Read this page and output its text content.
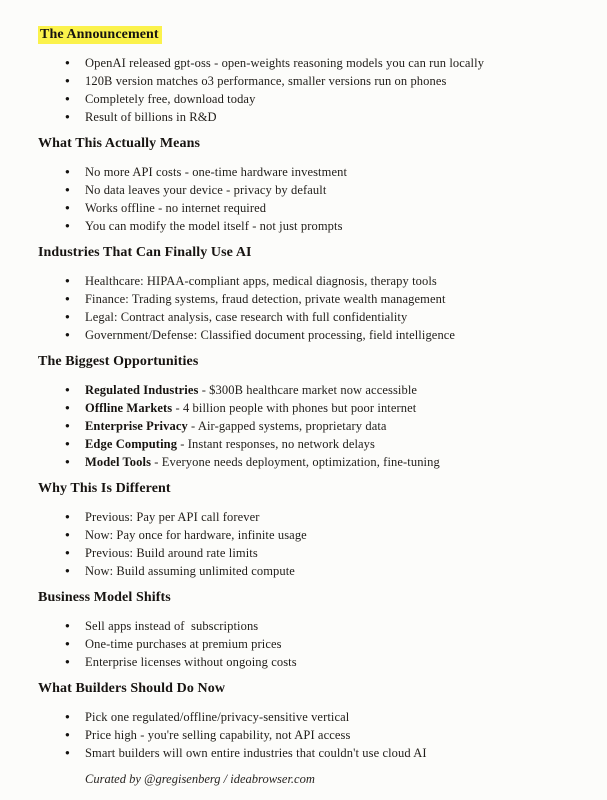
The Announcement
● OpenAI released gpt-oss - open-weights reasoning models you can run locally
● 120B version matches o3 performance, smaller versions run on phones
● Completely free, download today
● Result of billions in R&D
What This Actually Means
● No more API costs - one-time hardware investment
● No data leaves your device - privacy by default
● Works offline - no internet required
● You can modify the model itself - not just prompts
Industries That Can Finally Use AI
● Healthcare: HIPAA-compliant apps, medical diagnosis, therapy tools
● Finance: Trading systems, fraud detection, private wealth management
● Legal: Contract analysis, case research with full confidentiality
● Government/Defense: Classified document processing, field intelligence
The Biggest Opportunities
● Regulated Industries - $300B healthcare market now accessible
● Offline Markets - 4 billion people with phones but poor internet
● Enterprise Privacy - Air-gapped systems, proprietary data
● Edge Computing - Instant responses, no network delays
● Model Tools - Everyone needs deployment, optimization, fine-tuning
Why This Is Different
● Previous: Pay per API call forever
● Now: Pay once for hardware, infinite usage
● Previous: Build around rate limits
● Now: Build assuming unlimited compute
Business Model Shifts
● Sell apps instead of  subscriptions
● One-time purchases at premium prices
● Enterprise licenses without ongoing costs
What Builders Should Do Now
● Pick one regulated/offline/privacy-sensitive vertical
● Price high - you're selling capability, not API access
● Smart builders will own entire industries that couldn't use cloud AI

Curated by @gregisenberg / ideabrowser.com
